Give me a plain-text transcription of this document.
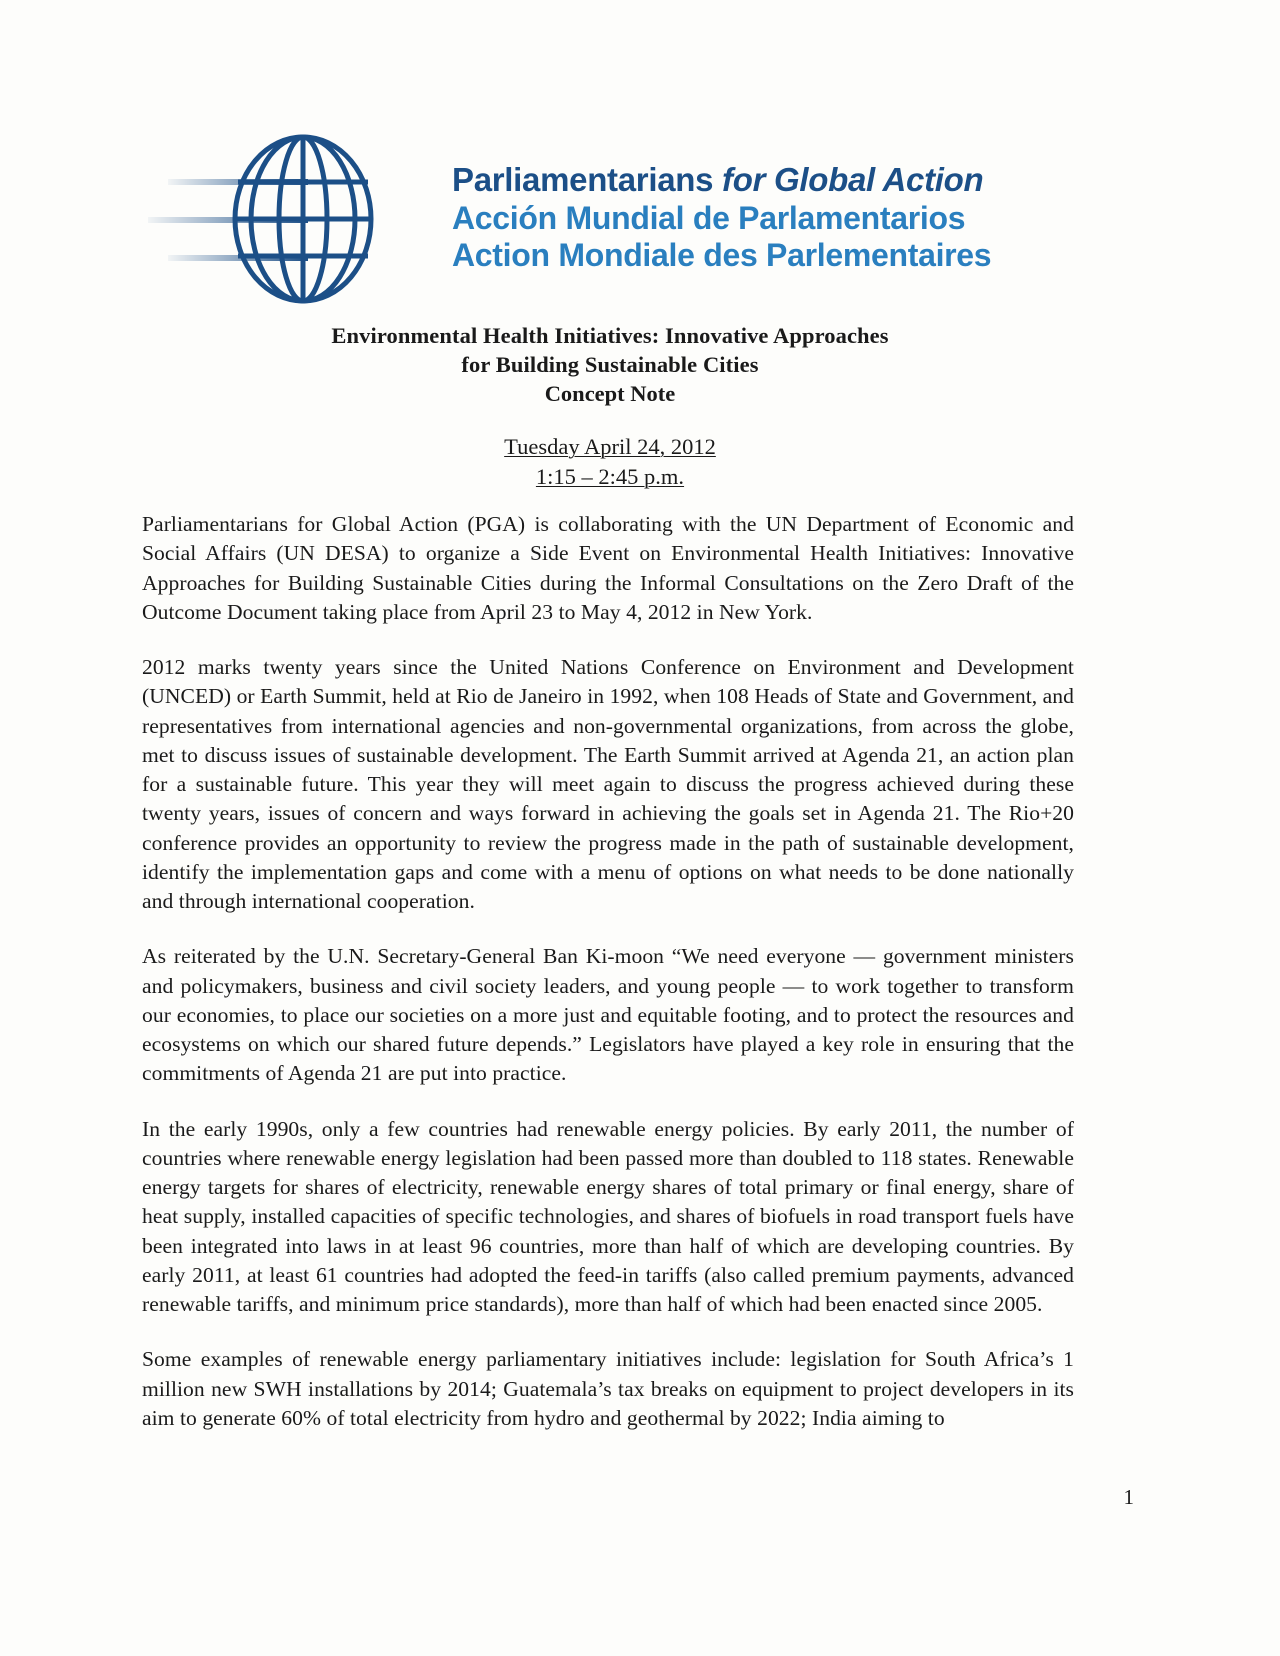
Parliamentarians for Global Action
Acción Mundial de Parlamentarios
Action Mondiale des Parlementaires
Environmental Health Initiatives: Innovative Approaches
for Building Sustainable Cities
Concept Note
Tuesday April 24, 2012
1:15 – 2:45 p.m.

Parliamentarians for Global Action (PGA) is collaborating with the UN Department of Economic and Social Affairs (UN DESA) to organize a Side Event on Environmental Health Initiatives: Innovative Approaches for Building Sustainable Cities during the Informal Consultations on the Zero Draft of the Outcome Document taking place from April 23 to May 4, 2012 in New York.

2012 marks twenty years since the United Nations Conference on Environment and Development (UNCED) or Earth Summit, held at Rio de Janeiro in 1992, when 108 Heads of State and Government, and representatives from international agencies and non-governmental organizations, from across the globe, met to discuss issues of sustainable development. The Earth Summit arrived at Agenda 21, an action plan for a sustainable future. This year they will meet again to discuss the progress achieved during these twenty years, issues of concern and ways forward in achieving the goals set in Agenda 21. The Rio+20 conference provides an opportunity to review the progress made in the path of sustainable development, identify the implementation gaps and come with a menu of options on what needs to be done nationally and through international cooperation.

As reiterated by the U.N. Secretary-General Ban Ki-moon “We need everyone — government ministers and policymakers, business and civil society leaders, and young people — to work together to transform our economies, to place our societies on a more just and equitable footing, and to protect the resources and ecosystems on which our shared future depends.” Legislators have played a key role in ensuring that the commitments of Agenda 21 are put into practice.

In the early 1990s, only a few countries had renewable energy policies. By early 2011, the number of countries where renewable energy legislation had been passed more than doubled to 118 states. Renewable energy targets for shares of electricity, renewable energy shares of total primary or final energy, share of heat supply, installed capacities of specific technologies, and shares of biofuels in road transport fuels have been integrated into laws in at least 96 countries, more than half of which are developing countries. By early 2011, at least 61 countries had adopted the feed-in tariffs (also called premium payments, advanced renewable tariffs, and minimum price standards), more than half of which had been enacted since 2005.

Some examples of renewable energy parliamentary initiatives include: legislation for South Africa’s 1 million new SWH installations by 2014; Guatemala’s tax breaks on equipment to project developers in its aim to generate 60% of total electricity from hydro and geothermal by 2022; India aiming to

1
